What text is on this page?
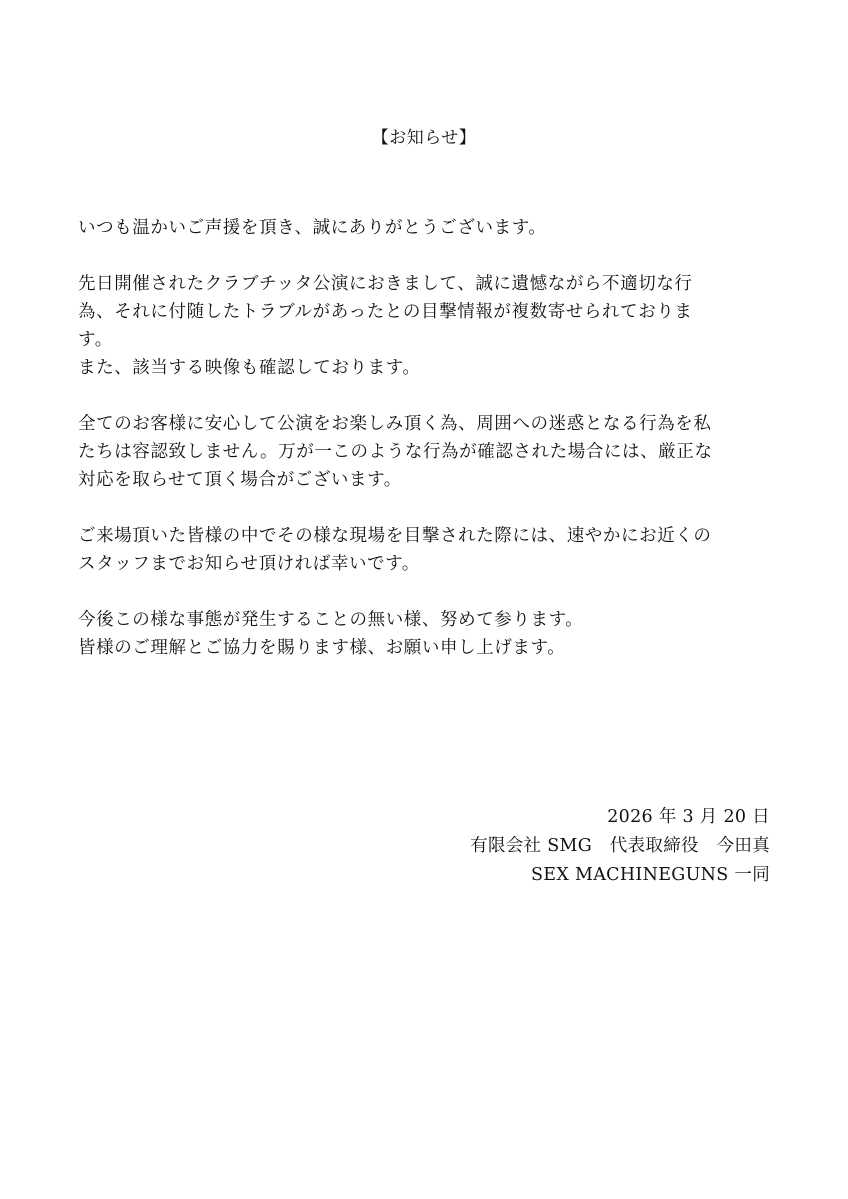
【お知らせ】

いつも温かいご声援を頂き、誠にありがとうございます。

先日開催されたクラブチッタ公演におきまして、誠に遺憾ながら不適切な行
為、それに付随したトラブルがあったとの目撃情報が複数寄せられておりま
す。
また、該当する映像も確認しております。

全てのお客様に安心して公演をお楽しみ頂く為、周囲への迷惑となる行為を私
たちは容認致しません。万が一このような行為が確認された場合には、厳正な
対応を取らせて頂く場合がございます。

ご来場頂いた皆様の中でその様な現場を目撃された際には、速やかにお近くの
スタッフまでお知らせ頂ければ幸いです。

今後この様な事態が発生することの無い様、努めて参ります。
皆様のご理解とご協力を賜ります様、お願い申し上げます。

2026 年 3 月 20 日
有限会社 SMG　代表取締役　今田真
SEX MACHINEGUNS 一同
